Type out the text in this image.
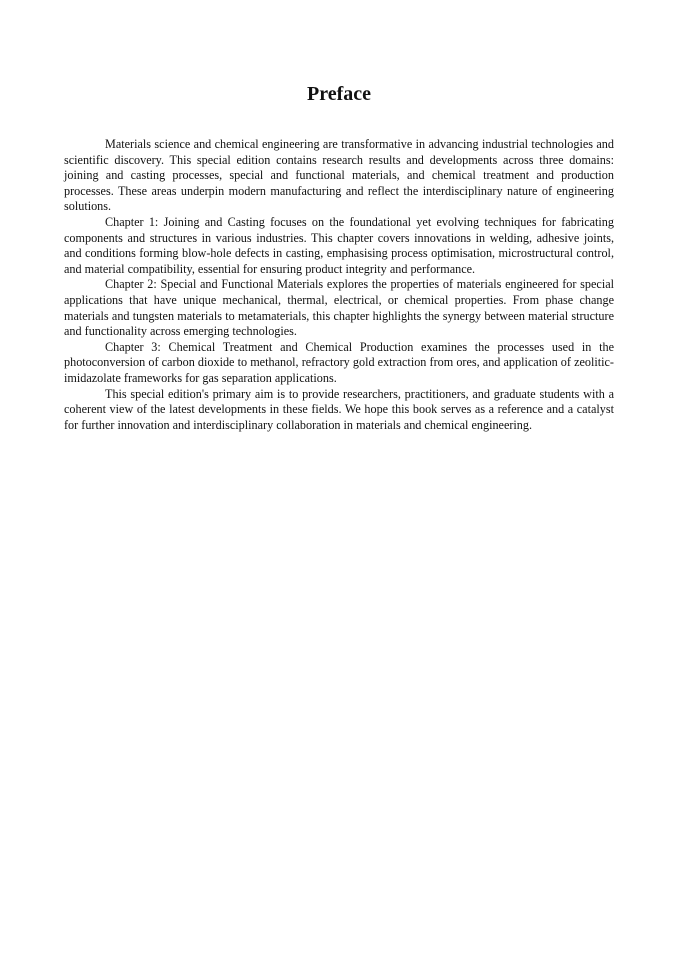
Preface

Materials science and chemical engineering are transformative in advancing industrial technologies and scientific discovery. This special edition contains research results and developments across three domains: joining and casting processes, special and functional materials, and chemical treatment and production processes. These areas underpin modern manufacturing and reflect the interdisciplinary nature of engineering solutions.

Chapter 1: Joining and Casting focuses on the foundational yet evolving techniques for fabricating components and structures in various industries. This chapter covers innovations in welding, adhesive joints, and conditions forming blow-hole defects in casting, emphasising process optimisation, microstructural control, and material compatibility, essential for ensuring product integrity and performance.

Chapter 2: Special and Functional Materials explores the properties of materials engineered for special applications that have unique mechanical, thermal, electrical, or chemical properties. From phase change materials and tungsten materials to metamaterials, this chapter highlights the synergy between material structure and functionality across emerging technologies.

Chapter 3: Chemical Treatment and Chemical Production examines the processes used in the photoconversion of carbon dioxide to methanol, refractory gold extraction from ores, and application of zeolitic-imidazolate frameworks for gas separation applications.

This special edition's primary aim is to provide researchers, practitioners, and graduate students with a coherent view of the latest developments in these fields. We hope this book serves as a reference and a catalyst for further innovation and interdisciplinary collaboration in materials and chemical engineering.
